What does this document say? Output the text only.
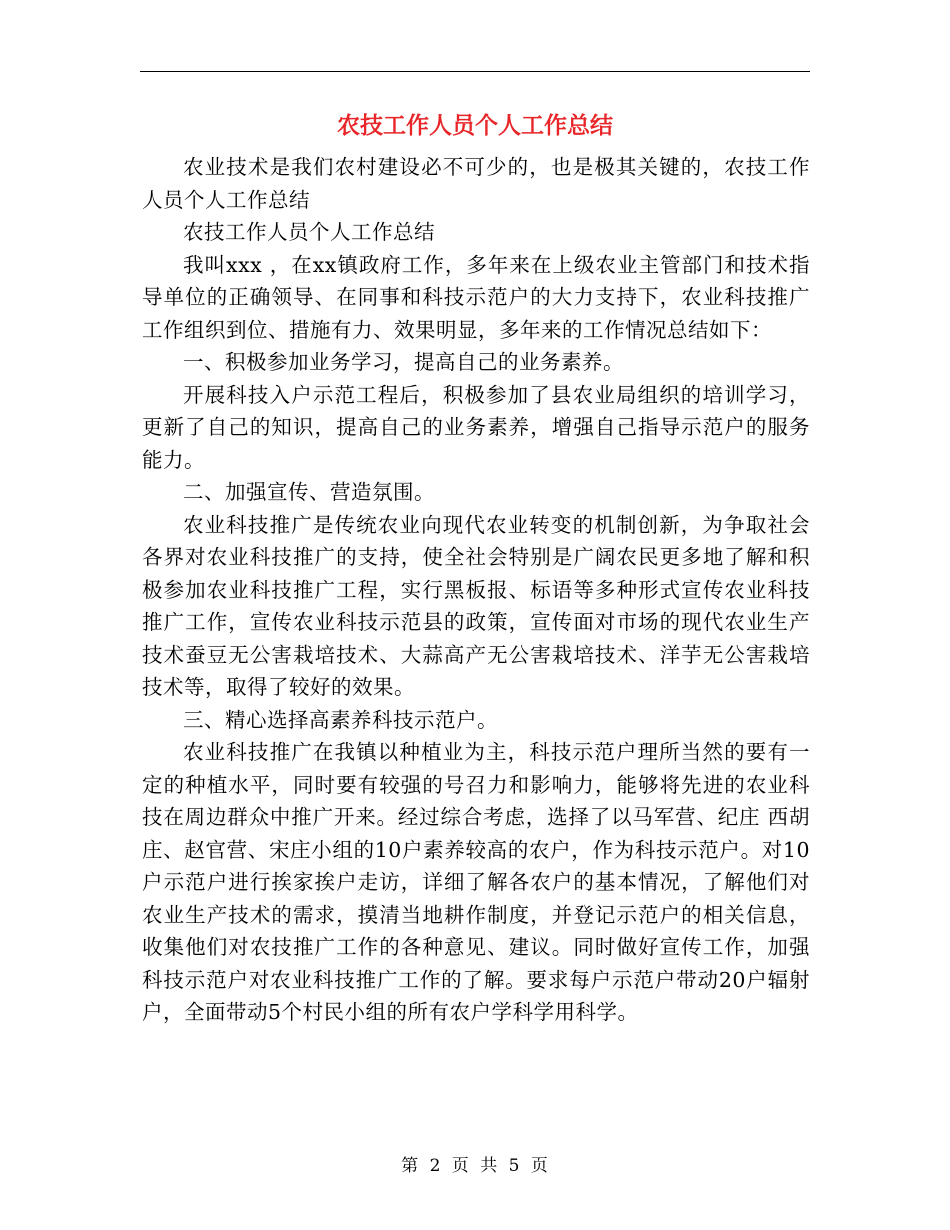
农技工作人员个人工作总结

农业技术是我们农村建设必不可少的，也是极其关键的，农技工作人员个人工作总结

农技工作人员个人工作总结

我叫xxx ，在xx镇政府工作，多年来在上级农业主管部门和技术指导单位的正确领导、在同事和科技示范户的大力支持下，农业科技推广工作组织到位、措施有力、效果明显，多年来的工作情况总结如下：

一、积极参加业务学习，提高自己的业务素养。

开展科技入户示范工程后，积极参加了县农业局组织的培训学习，更新了自己的知识，提高自己的业务素养，增强自己指导示范户的服务能力。

二、加强宣传、营造氛围。

农业科技推广是传统农业向现代农业转变的机制创新，为争取社会各界对农业科技推广的支持，使全社会特别是广阔农民更多地了解和积极参加农业科技推广工程，实行黑板报、标语等多种形式宣传农业科技推广工作，宣传农业科技示范县的政策，宣传面对市场的现代农业生产技术蚕豆无公害栽培技术、大蒜高产无公害栽培技术、洋芋无公害栽培技术等，取得了较好的效果。

三、精心选择高素养科技示范户。

农业科技推广在我镇以种植业为主，科技示范户理所当然的要有一定的种植水平，同时要有较强的号召力和影响力，能够将先进的农业科技在周边群众中推广开来。经过综合考虑，选择了以马军营、纪庄 西胡庄、赵官营、宋庄小组的10户素养较高的农户，作为科技示范户。对10户示范户进行挨家挨户走访，详细了解各农户的基本情况，了解他们对农业生产技术的需求，摸清当地耕作制度，并登记示范户的相关信息，收集他们对农技推广工作的各种意见、建议。同时做好宣传工作，加强科技示范户对农业科技推广工作的了解。要求每户示范户带动20户辐射户，全面带动5个村民小组的所有农户学科学用科学。

第 2 页 共 5 页
